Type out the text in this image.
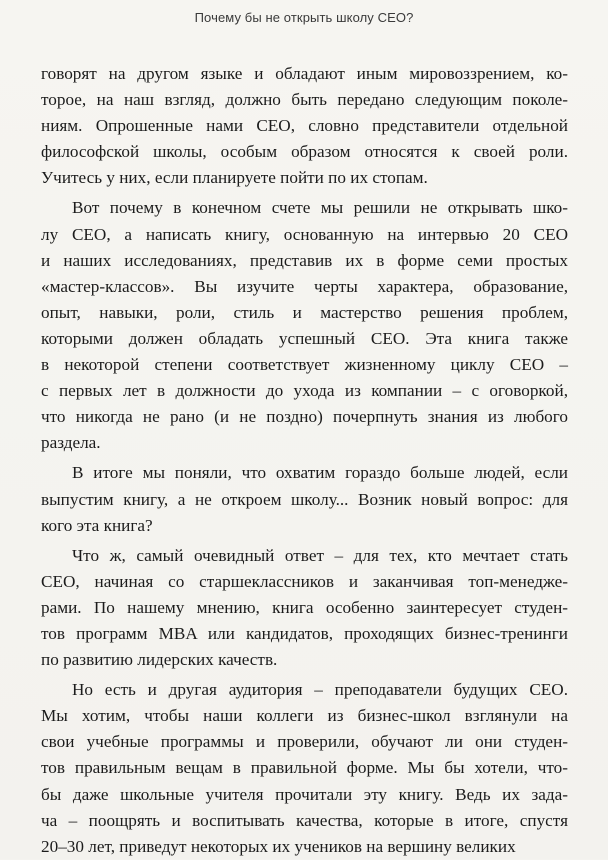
Почему бы не открыть школу CEO?
говорят на другом языке и обладают иным мировоззрением, ко-
торое, на наш взгляд, должно быть передано следующим поколе-
ниям. Опрошенные нами CEO, словно представители отдельной
философской школы, особым образом относятся к своей роли.
Учитесь у них, если планируете пойти по их стопам.
Вот почему в конечном счете мы решили не открывать шко-
лу CEO, а написать книгу, основанную на интервью 20 CEO
и наших исследованиях, представив их в форме семи простых
«мастер-классов». Вы изучите черты характера, образование,
опыт, навыки, роли, стиль и мастерство решения проблем,
которыми должен обладать успешный CEO. Эта книга также
в некоторой степени соответствует жизненному циклу CEO –
с первых лет в должности до ухода из компании – с оговоркой,
что никогда не рано (и не поздно) почерпнуть знания из любого
раздела.
В итоге мы поняли, что охватим гораздо больше людей, если
выпустим книгу, а не откроем школу... Возник новый вопрос: для
кого эта книга?
Что ж, самый очевидный ответ – для тех, кто мечтает стать
CEO, начиная со старшеклассников и заканчивая топ-менедже-
рами. По нашему мнению, книга особенно заинтересует студен-
тов программ MBA или кандидатов, проходящих бизнес-тренинги
по развитию лидерских качеств.
Но есть и другая аудитория – преподаватели будущих CEO.
Мы хотим, чтобы наши коллеги из бизнес-школ взглянули на
свои учебные программы и проверили, обучают ли они студен-
тов правильным вещам в правильной форме. Мы бы хотели, что-
бы даже школьные учителя прочитали эту книгу. Ведь их зада-
ча – поощрять и воспитывать качества, которые в итоге, спустя
20–30 лет, приведут некоторых их учеников на вершину великих
